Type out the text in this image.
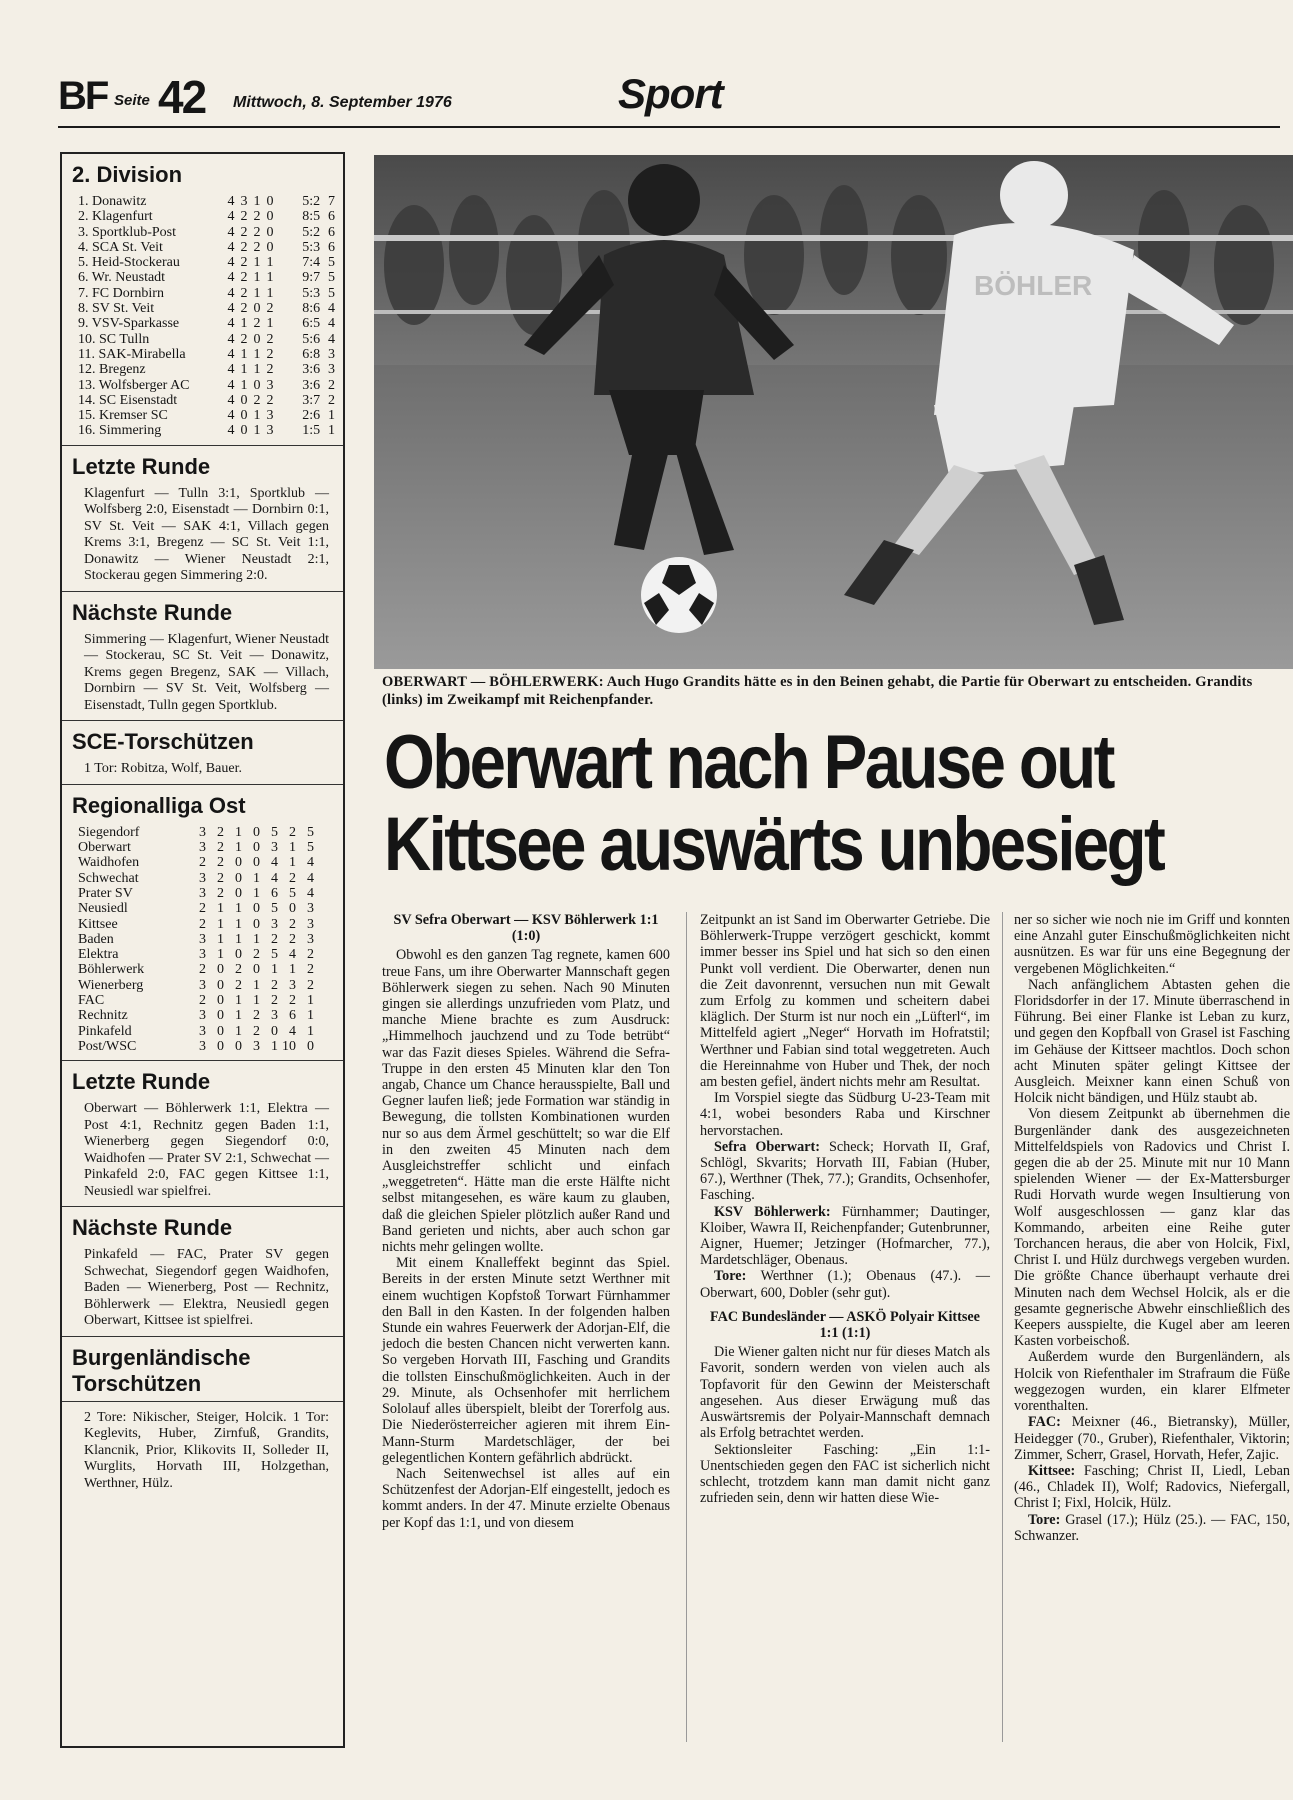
BF Seite 42 Mittwoch, 8. September 1976	Sport
2. Division
1. Donawitz	4 3 1 0	5:2 7
2. Klagenfurt	4 2 2 0	8:5 6
3. Sportklub-Post	4 2 2 0	5:2 6
4. SCA St. Veit	4 2 2 0	5:3 6
5. Heid-Stockerau	4 2 1 1	7:4 5
6. Wr. Neustadt	4 2 1 1	9:7 5
7. FC Dornbirn	4 2 1 1	5:3 5
8. SV St. Veit	4 2 0 2	8:6 4
9. VSV-Sparkasse	4 1 2 1	6:5 4
10. SC Tulln	4 2 0 2	5:6 4
11. SAK-Mirabella	4 1 1 2	6:8 3
12. Bregenz	4 1 1 2	3:6 3
13. Wolfsberger AC	4 1 0 3	3:6 2
14. SC Eisenstadt	4 0 2 2	3:7 2
15. Kremser SC	4 0 1 3	2:6 1
16. Simmering	4 0 1 3	1:5 1
Letzte Runde
Klagenfurt — Tulln 3:1, Sportklub — Wolfsberg 2:0, Eisenstadt — Dornbirn 0:1, SV St. Veit — SAK 4:1, Villach gegen Krems 3:1, Bregenz — SC St. Veit 1:1, Donawitz — Wiener Neustadt 2:1, Stockerau gegen Simmering 2:0.
Nächste Runde
Simmering — Klagenfurt, Wiener Neustadt — Stockerau, SC St. Veit — Donawitz, Krems gegen Bregenz, SAK — Villach, Dornbirn — SV St. Veit, Wolfsberg — Eisenstadt, Tulln gegen Sportklub.
SCE-Torschützen
1 Tor: Robitza, Wolf, Bauer.
Regionalliga Ost
Siegendorf	3 2 1 0 5 2 5
Oberwart	3 2 1 0 3 1 5
Waidhofen	2 2 0 0 4 1 4
Schwechat	3 2 0 1 4 2 4
Prater SV	3 2 0 1 6 5 4
Neusiedl	2 1 1 0 5 0 3
Kittsee	2 1 1 0 3 2 3
Baden	3 1 1 1 2 2 3
Elektra	3 1 0 2 5 4 2
Böhlerwerk	2 0 2 0 1 1 2
Wienerberg	3 0 2 1 2 3 2
FAC	2 0 1 1 2 2 1
Rechnitz	3 0 1 2 3 6 1
Pinkafeld	3 0 1 2 0 4 1
Post/WSC	3 0 0 3 1 10 0
Letzte Runde
Oberwart — Böhlerwerk 1:1, Elektra — Post 4:1, Rechnitz gegen Baden 1:1, Wienerberg gegen Siegendorf 0:0, Waidhofen — Prater SV 2:1, Schwechat — Pinkafeld 2:0, FAC gegen Kittsee 1:1, Neusiedl war spielfrei.
Nächste Runde
Pinkafeld — FAC, Prater SV gegen Schwechat, Siegendorf gegen Waidhofen, Baden — Wienerberg, Post — Rechnitz, Böhlerwerk — Elektra, Neusiedl gegen Oberwart, Kittsee ist spielfrei.
Burgenländische
Torschützen
2 Tore: Nikischer, Steiger, Holcik. 1 Tor: Keglevits, Huber, Zirnfuß, Grandits, Klancnik, Prior, Klikovits II, Solleder II, Wurglits, Horvath III, Holzgethan, Werthner, Hülz.
BÖHLER
OBERWART — BÖHLERWERK: Auch Hugo Grandits hätte es in den Beinen gehabt, die Partie für Oberwart zu entscheiden. Grandits (links) im Zweikampf mit Reichenpfander.
Oberwart nach Pause out
Kittsee auswärts unbesiegt

SV Sefra Oberwart — KSV Böhlerwerk 1:1 (1:0)

Obwohl es den ganzen Tag regnete, kamen 600 treue Fans, um ihre Oberwarter Mannschaft gegen Böhlerwerk siegen zu sehen. Nach 90 Minuten gingen sie allerdings unzufrieden vom Platz, und manche Miene brachte es zum Ausdruck: „Himmelhoch jauchzend und zu Tode betrübt“ war das Fazit dieses Spieles. Während die Sefra-Truppe in den ersten 45 Minuten klar den Ton angab, Chance um Chance herausspielte, Ball und Gegner laufen ließ; jede Formation war ständig in Bewegung, die tollsten Kombinationen wurden nur so aus dem Ärmel geschüttelt; so war die Elf in den zweiten 45 Minuten nach dem Ausgleichstreffer schlicht und einfach „weggetreten“. Hätte man die erste Hälfte nicht selbst mitangesehen, es wäre kaum zu glauben, daß die gleichen Spieler plötzlich außer Rand und Band gerieten und nichts, aber auch schon gar nichts mehr gelingen wollte.

Mit einem Knalleffekt beginnt das Spiel. Bereits in der ersten Minute setzt Werthner mit einem wuchtigen Kopfstoß Torwart Fürnhammer den Ball in den Kasten. In der folgenden halben Stunde ein wahres Feuerwerk der Adorjan-Elf, die jedoch die besten Chancen nicht verwerten kann. So vergeben Horvath III, Fasching und Grandits die tollsten Einschußmöglichkeiten. Auch in der 29. Minute, als Ochsenhofer mit herrlichem Sololauf alles überspielt, bleibt der Torerfolg aus. Die Niederösterreicher agieren mit ihrem Ein-Mann-Sturm Mardetschläger, der bei gelegentlichen Kontern gefährlich abdrückt.

Nach Seitenwechsel ist alles auf ein Schützenfest der Adorjan-Elf eingestellt, jedoch es kommt anders. In der 47. Minute erzielte Obenaus per Kopf das 1:1, und von diesem

Zeitpunkt an ist Sand im Oberwarter Getriebe. Die Böhlerwerk-Truppe verzögert geschickt, kommt immer besser ins Spiel und hat sich so den einen Punkt voll verdient. Die Oberwarter, denen nun die Zeit davonrennt, versuchen nun mit Gewalt zum Erfolg zu kommen und scheitern dabei kläglich. Der Sturm ist nur noch ein „Lüfterl“, im Mittelfeld agiert „Neger“ Horvath im Hofratstil; Werthner und Fabian sind total weggetreten. Auch die Hereinnahme von Huber und Thek, der noch am besten gefiel, ändert nichts mehr am Resultat.

Im Vorspiel siegte das Südburg U-23-Team mit 4:1, wobei besonders Raba und Kirschner hervorstachen.

Sefra Oberwart: Scheck; Horvath II, Graf, Schlögl, Skvarits; Horvath III, Fabian (Huber, 67.), Werthner (Thek, 77.); Grandits, Ochsenhofer, Fasching.

KSV Böhlerwerk: Fürnhammer; Dautinger, Kloiber, Wawra II, Reichenpfander; Gutenbrunner, Aigner, Huemer; Jetzinger (Hofmarcher, 77.), Mardetschläger, Obenaus.

Tore: Werthner (1.); Obenaus (47.). — Oberwart, 600, Dobler (sehr gut).

FAC Bundesländer — ASKÖ Polyair Kittsee 1:1 (1:1)

Die Wiener galten nicht nur für dieses Match als Favorit, sondern werden von vielen auch als Topfavorit für den Gewinn der Meisterschaft angesehen. Aus dieser Erwägung muß das Auswärtsremis der Polyair-Mannschaft demnach als Erfolg betrachtet werden.

Sektionsleiter Fasching: „Ein 1:1-Unentschieden gegen den FAC ist sicherlich nicht schlecht, trotzdem kann man damit nicht ganz zufrieden sein, denn wir hatten diese Wie-

ner so sicher wie noch nie im Griff und konnten eine Anzahl guter Einschußmöglichkeiten nicht ausnützen. Es war für uns eine Begegnung der vergebenen Möglichkeiten.“

Nach anfänglichem Abtasten gehen die Floridsdorfer in der 17. Minute überraschend in Führung. Bei einer Flanke ist Leban zu kurz, und gegen den Kopfball von Grasel ist Fasching im Gehäuse der Kittseer machtlos. Doch schon acht Minuten später gelingt Kittsee der Ausgleich. Meixner kann einen Schuß von Holcik nicht bändigen, und Hülz staubt ab.

Von diesem Zeitpunkt ab übernehmen die Burgenländer dank des ausgezeichneten Mittelfeldspiels von Radovics und Christ I. gegen die ab der 25. Minute mit nur 10 Mann spielenden Wiener — der Ex-Mattersburger Rudi Horvath wurde wegen Insultierung von Wolf ausgeschlossen — ganz klar das Kommando, arbeiten eine Reihe guter Torchancen heraus, die aber von Holcik, Fixl, Christ I. und Hülz durchwegs vergeben wurden. Die größte Chance überhaupt verhaute drei Minuten nach dem Wechsel Holcik, als er die gesamte gegnerische Abwehr einschließlich des Keepers ausspielte, die Kugel aber am leeren Kasten vorbeischoß.

Außerdem wurde den Burgenländern, als Holcik von Riefenthaler im Strafraum die Füße weggezogen wurden, ein klarer Elfmeter vorenthalten.

FAC: Meixner (46., Bietransky), Müller, Heidegger (70., Gruber), Riefenthaler, Viktorin; Zimmer, Scherr, Grasel, Horvath, Hefer, Zajic.

Kittsee: Fasching; Christ II, Liedl, Leban (46., Chladek II), Wolf; Radovics, Niefergall, Christ I; Fixl, Holcik, Hülz.

Tore: Grasel (17.); Hülz (25.). — FAC, 150, Schwanzer.
